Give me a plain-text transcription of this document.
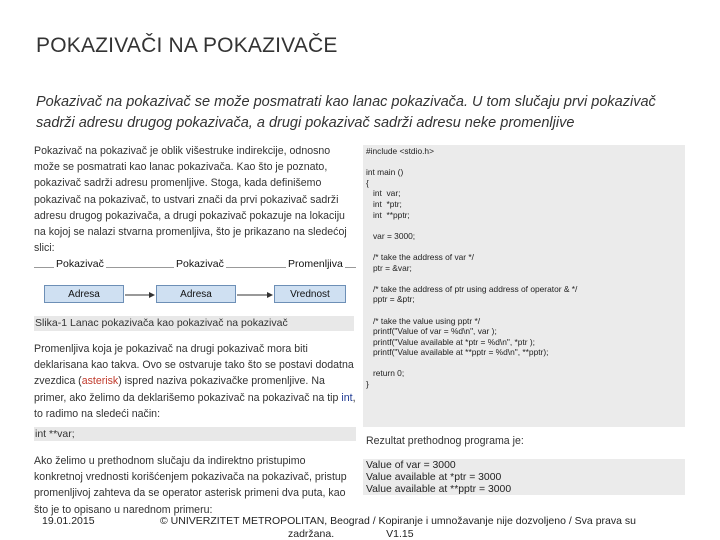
POKAZIVAČI NA POKAZIVAČE
Pokazivač na pokazivač se može posmatrati kao lanac pokazivača. U tom slučaju prvi pokazivač sadrži adresu drugog pokazivača, a drugi pokazivač sadrži adresu neke promenljive
Pokazivač na pokazivač je oblik višestruke indirekcije, odnosno može se posmatrati kao lanac pokazivača. Kao što je poznato, pokazivač sadrži adresu promenljive. Stoga, kada definišemo pokazivač na pokazivač, to ustvari znači da prvi pokazivač sadrži adresu drugog pokazivača, a drugi pokazivač pokazuje na lokaciju na kojoj se nalazi stvarna promenljiva, što je prikazano na sledećoj slici:
Pokazivač	Pokazivač	Promenljiva
Adresa	Adresa	Vrednost
Slika-1 Lanac pokazivača kao pokazivač na pokazivač
Promenljiva koja je pokazivač na drugi pokazivač mora biti deklarisana kao takva. Ovo se ostvaruje tako što se postavi dodatna zvezdica (asterisk) ispred naziva pokazivačke promenljive. Na primer, ako želimo da deklarišemo pokazivač na pokazivač na tip int, to radimo na sledeći način:
int **var;
Ako želimo u prethodnom slučaju da indirektno pristupimo konkretnoj vrednosti korišćenjem pokazivača na pokazivač, pristup promenljivoj zahteva da se operator asterisk primeni dva puta, kao što je to opisano u narednom primeru:
#include <stdio.h>

int main ()
{
int  var;
int  *ptr;
int  **pptr;

var = 3000;

/* take the address of var */
ptr = &var;

/* take the address of ptr using address of operator & */
pptr = &ptr;

/* take the value using pptr */
printf("Value of var = %d\n", var );
printf("Value available at *ptr = %d\n", *ptr );
printf("Value available at **pptr = %d\n", **pptr);

return 0;
}
Rezultat prethodnog programa je:
Value of var = 3000
Value available at *ptr = 3000
Value available at **pptr = 3000
19.01.2015	© UNIVERZITET METROPOLITAN, Beograd / Kopiranje i umnožavanje nije dozvoljeno / Sva prava su
zadržana.	V1.15
